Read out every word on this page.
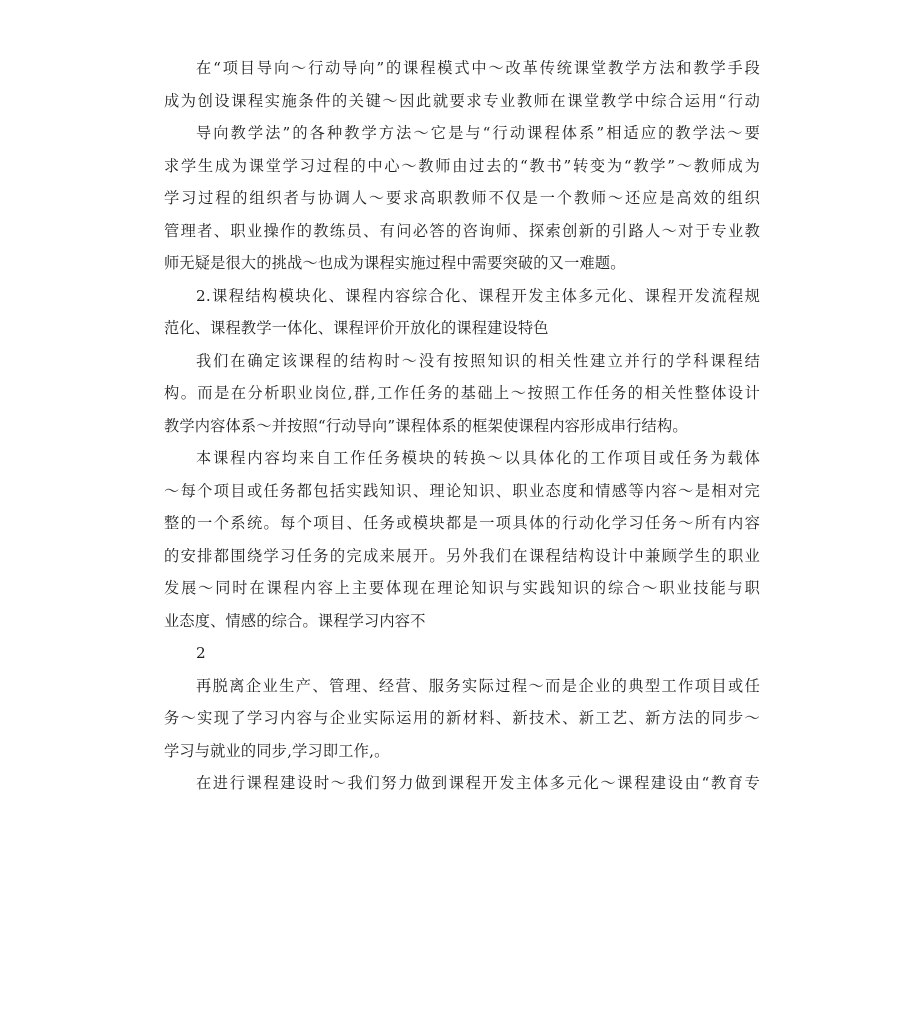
在“项目导向～行动导向”的课程模式中～改革传统课堂教学方法和教学手段
成为创设课程实施条件的关键～因此就要求专业教师在课堂教学中综合运用“行动
导向教学法”的各种教学方法～它是与“行动课程体系”相适应的教学法～要
求学生成为课堂学习过程的中心～教师由过去的“教书”转变为“教学”～教师成为
学习过程的组织者与协调人～要求高职教师不仅是一个教师～还应是高效的组织
管理者、职业操作的教练员、有问必答的咨询师、探索创新的引路人～对于专业教
师无疑是很大的挑战～也成为课程实施过程中需要突破的又一难题。
2.课程结构模块化、课程内容综合化、课程开发主体多元化、课程开发流程规
范化、课程教学一体化、课程评价开放化的课程建设特色
我们在确定该课程的结构时～没有按照知识的相关性建立并行的学科课程结
构。而是在分析职业岗位,群,工作任务的基础上～按照工作任务的相关性整体设计
教学内容体系～并按照“行动导向”课程体系的框架使课程内容形成串行结构。
本课程内容均来自工作任务模块的转换～以具体化的工作项目或任务为载体
～每个项目或任务都包括实践知识、理论知识、职业态度和情感等内容～是相对完
整的一个系统。每个项目、任务或模块都是一项具体的行动化学习任务～所有内容
的安排都围绕学习任务的完成来展开。另外我们在课程结构设计中兼顾学生的职业
发展～同时在课程内容上主要体现在理论知识与实践知识的综合～职业技能与职
业态度、情感的综合。课程学习内容不
2
再脱离企业生产、管理、经营、服务实际过程～而是企业的典型工作项目或任
务～实现了学习内容与企业实际运用的新材料、新技术、新工艺、新方法的同步～
学习与就业的同步,学习即工作,。
在进行课程建设时～我们努力做到课程开发主体多元化～课程建设由“教育专
